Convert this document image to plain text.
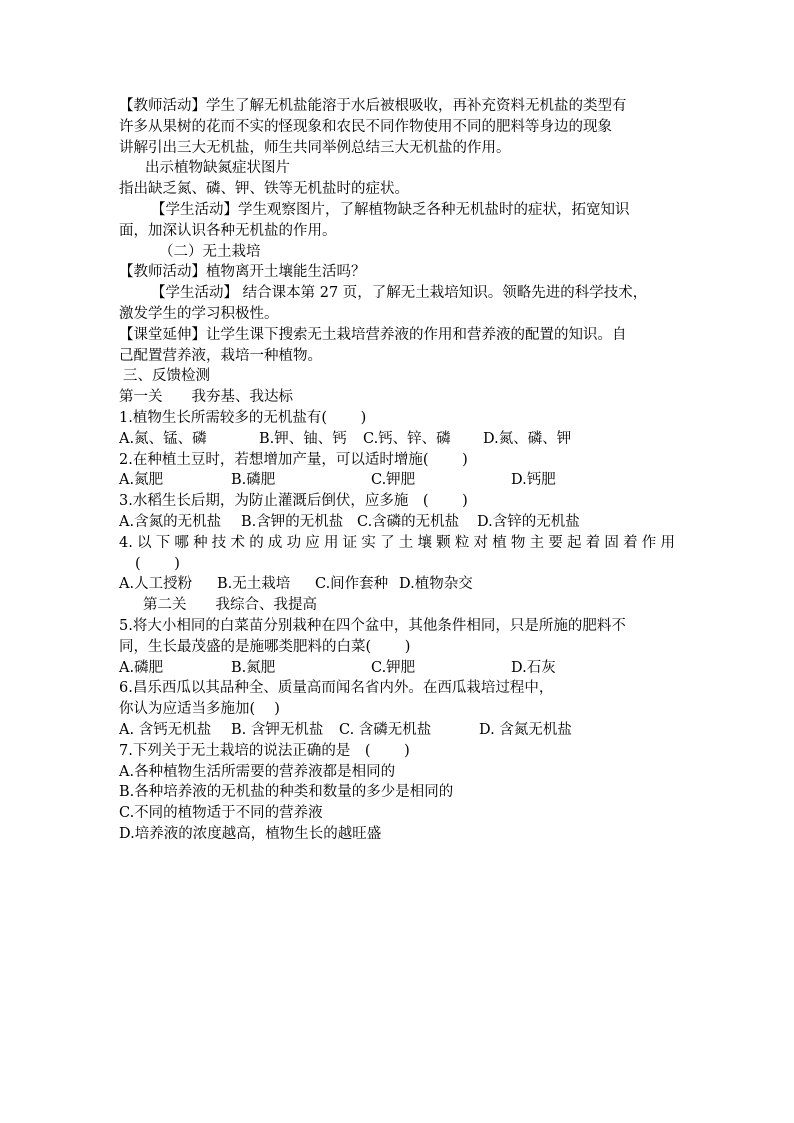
【教师活动】学生了解无机盐能溶于水后被根吸收，再补充资料无机盐的类型有
许多从果树的花而不实的怪现象和农民不同作物使用不同的肥料等身边的现象
讲解引出三大无机盐，师生共同举例总结三大无机盐的作用。
出示植物缺氮症状图片
指出缺乏氮、磷、钾、铁等无机盐时的症状。
【学生活动】学生观察图片，了解植物缺乏各种无机盐时的症状，拓宽知识
面，加深认识各种无机盐的作用。
（二）无土栽培
【教师活动】植物离开土壤能生活吗？
【学生活动】 结合课本第 27 页，了解无土栽培知识。领略先进的科学技术，
激发学生的学习积极性。
【课堂延伸】让学生课下搜索无土栽培营养液的作用和营养液的配置的知识。自
己配置营养液，栽培一种植物。
三、反馈检测
第一关　　我夯基、我达标
1.植物生长所需较多的无机盐有(　　 )
A.氮、锰、磷	B.钾、铀、钙	C.钙、锌、磷	D.氮、磷、钾
2.在种植土豆时，若想增加产量，可以适时增施(　　 )
A.氮肥	B.磷肥	C.钾肥	D.钙肥
3.水稻生长后期，为防止灌溉后倒伏，应多施　(　　 )
A.含氮的无机盐	B.含钾的无机盐 C.含磷的无机盐	D.含锌的无机盐
4.以下哪种技术的成功应用证实了土壤颗粒对植物主要起着固着作用
(　　 )
A.人工授粉	B.无土栽培	C.间作套种 D.植物杂交
第二关　　我综合、我提高
5.将大小相同的白菜苗分别栽种在四个盆中，其他条件相同，只是所施的肥料不
同，生长最茂盛的是施哪类肥料的白菜(　　 )
A.磷肥	B.氮肥	C.钾肥	D.石灰
6.昌乐西瓜以其品种全、质量高而闻名省内外。在西瓜栽培过程中，
你认为应适当多施加(　 )
A. 含钙无机盐	B. 含钾无机盐	C. 含磷无机盐	D. 含氮无机盐
7.下列关于无土栽培的说法正确的是　(　　 )
A.各种植物生活所需要的营养液都是相同的
B.各种培养液的无机盐的种类和数量的多少是相同的
C.不同的植物适于不同的营养液
D.培养液的浓度越高，植物生长的越旺盛
